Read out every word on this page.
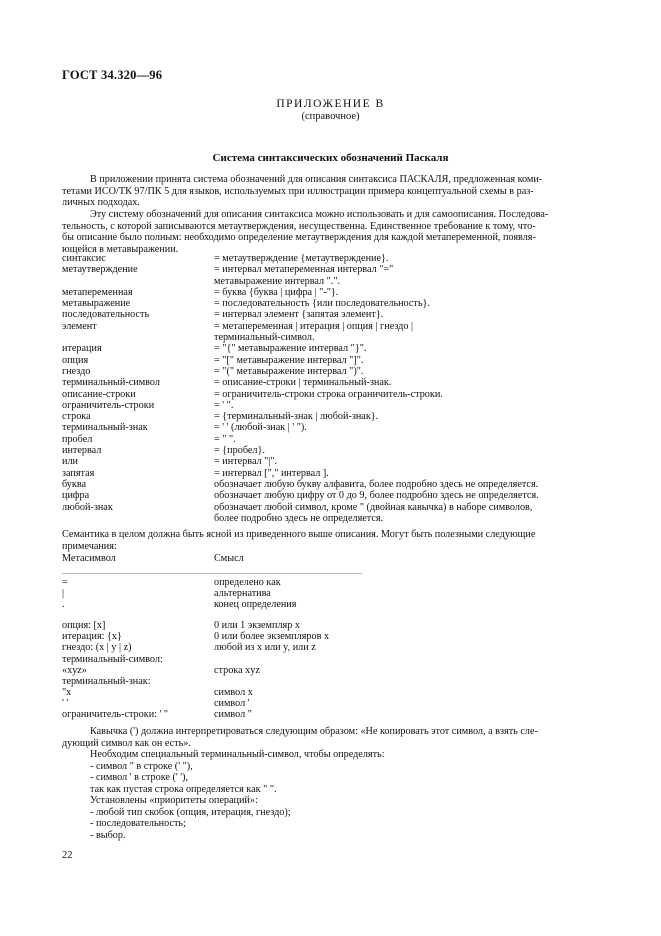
ГОСТ 34.320—96
ПРИЛОЖЕНИЕ В
(справочное)
Система синтаксических обозначений Паскаля
В приложении принята система обозначений для описания синтаксиса ПАСКАЛЯ, предложенная коми-
тетами ИСО/ТК 97/ПК 5 для языков, используемых при иллюстрации примера концептуальной схемы в раз-
личных подходах.
Эту систему обозначений для описания синтаксиса можно использовать и для самоописания. Последова-
тельность, с которой записываются метаутверждения, несущественна. Единственное требование к тому, что-
бы описание было полным: необходимо определение метаутверждения для каждой метапеременной, появля-
ющейся в метавыражении.
синтаксис	= метаутверждение {метаутверждение}.
метаутверждение	= интервал метапеременная интервал "="
метавыражение интервал ".".
метапеременная	= буква {буква | цифра | "-"}.
метавыражение	= последовательность {или последовательность}.
последовательность	= интервал элемент {запятая элемент}.
элемент	= метапеременная | итерация | опция | гнездо |
терминальный-символ.
итерация	= "{" метавыражение интервал "}".
опция	= "[" метавыражение интервал "]".
гнездо	= "(" метавыражение интервал ")".
терминальный-символ	= описание-строки | терминальный-знак.
описание-строки	= ограничитель-строки строка ограничитель-строки.
ограничитель-строки	= ' ".
строка	= {терминальный-знак | любой-знак}.
терминальный-знак	= ' ' (любой-знак | ' ").
пробел	= " ".
интервал	= {пробел}.
или	= интервал "|".
запятая	= интервал ["," интервал ].
буква	обозначает любую букву алфавита, более подробно здесь не определяется.
цифра	обозначает любую цифру от 0 до 9, более подробно здесь не определяется.
любой-знак	обозначает любой символ, кроме " (двойная кавычка) в наборе символов,
более подробно здесь не определяется.
Семантика в целом должна быть ясной из приведенного выше описания. Могут быть полезными следующие
примечания:
Метасимвол	Смысл
=	определено как
|	альтернатива
.	конец определения
опция: [x]	0 или 1 экземпляр x
итерация: {x}	0 или более экземпляров x
гнездо: (x | y | z)	любой из x или y, или z
терминальный-символ:
«xyz»	строка xyz
терминальный-знак:
"x	символ x
' '	символ '
ограничитель-строки: ' "	символ "
Кавычка (') должна интерпретироваться следующим образом: «Не копировать этот символ, а взять сле-
дующий символ как он есть».
Необходим специальный терминальный-символ, чтобы определять:
- символ " в строке (' "),
- символ ' в строке (' '),
так как пустая строка определяется как " ".
Установлены «приоритеты операций»:
- любой тип скобок (опция, итерация, гнездо);
- последовательность;
- выбор.
22
